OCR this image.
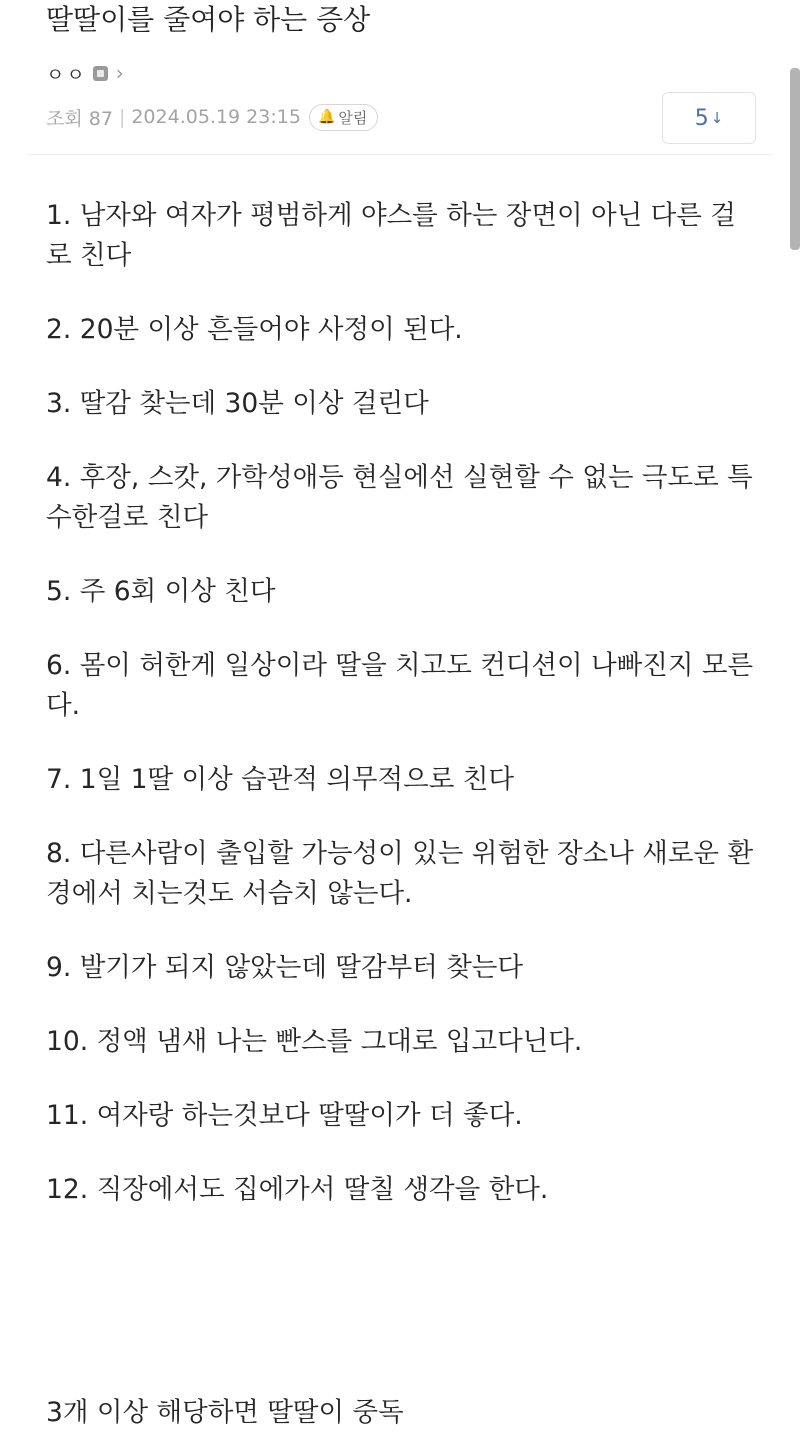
딸딸이를 줄여야 하는 증상
ㅇㅇ ›
조회 87 | 2024.05.19 23:15 🔔 알림	5 ↓
1. 남자와 여자가 평범하게 야스를 하는 장면이 아닌 다른 걸로 친다
2. 20분 이상 흔들어야 사정이 된다.
3. 딸감 찾는데 30분 이상 걸린다
4. 후장, 스캇, 가학성애등 현실에선 실현할 수 없는 극도로 특수한걸로 친다
5. 주 6회 이상 친다
6. 몸이 허한게 일상이라 딸을 치고도 컨디션이 나빠진지 모른다.
7. 1일 1딸 이상 습관적 의무적으로 친다
8. 다른사람이 출입할 가능성이 있는 위험한 장소나 새로운 환경에서 치는것도 서슴치 않는다.
9. 발기가 되지 않았는데 딸감부터 찾는다
10. 정액 냄새 나는 빤스를 그대로 입고다닌다.
11. 여자랑 하는것보다 딸딸이가 더 좋다.
12. 직장에서도 집에가서 딸칠 생각을 한다.
3개 이상 해당하면 딸딸이 중독
